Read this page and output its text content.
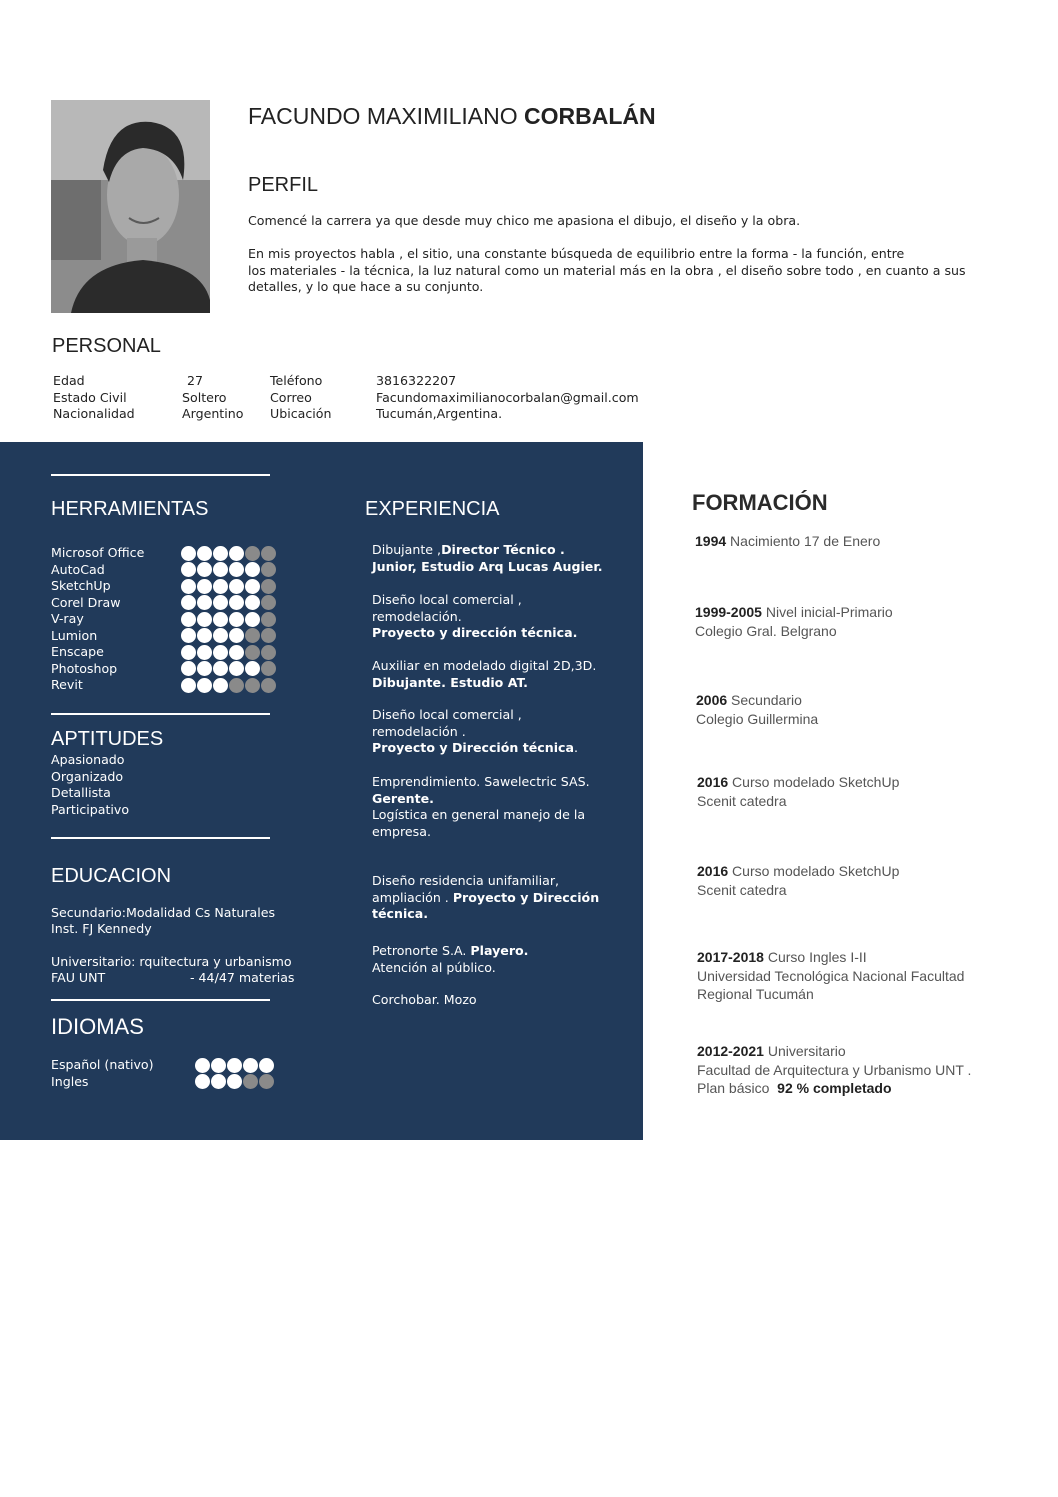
FACUNDO MAXIMILIANO CORBALÁN
PERFIL
Comencé la carrera ya que desde muy chico me apasiona el dibujo, el diseño y la obra.
En mis proyectos habla , el sitio, una constante búsqueda de equilibrio entre la forma - la función, entre
los materiales - la técnica, la luz natural como un material más en la obra , el diseño sobre todo , en cuanto a sus
detalles, y lo que hace a su conjunto.
PERSONAL
Edad
Estado Civil
Nacionalidad
27
Soltero
Argentino
Teléfono
Correo
Ubicación
3816322207
Facundomaximilianocorbalan@gmail.com
Tucumán,Argentina.
HERRAMIENTAS
Microsof Office
AutoCad
SketchUp
Corel Draw
V-ray
Lumion
Enscape
Photoshop
Revit
APTITUDES
Apasionado
Organizado
Detallista
Participativo
EDUCACION
Secundario:Modalidad Cs Naturales
Inst. FJ Kennedy
Universitario: rquitectura y urbanismo
FAU UNT	- 44/47 materias
IDIOMAS
Español (nativo)
Ingles
EXPERIENCIA
Dibujante ,Director Técnico .
Junior, Estudio Arq Lucas Augier.
Diseño local comercial ,
remodelación.
Proyecto y dirección técnica.
Auxiliar en modelado digital 2D,3D.
Dibujante. Estudio AT.
Diseño local comercial ,
remodelación .
Proyecto y Dirección técnica.
Emprendimiento. Sawelectric SAS.
Gerente.
Logística en general manejo de la
empresa.
Diseño residencia unifamiliar,
ampliación . Proyecto y Dirección
técnica.
Petronorte S.A. Playero.
Atención al público.
Corchobar. Mozo
FORMACIÓN
1994 Nacimiento 17 de Enero
1999-2005 Nivel inicial-Primario
Colegio Gral. Belgrano
2006 Secundario
Colegio Guillermina
2016 Curso modelado SketchUp
Scenit catedra
2016 Curso modelado SketchUp
Scenit catedra
2017-2018 Curso Ingles I-II
Universidad Tecnológica Nacional Facultad
Regional Tucumán
2012-2021 Universitario
Facultad de Arquitectura y Urbanismo UNT .
Plan básico 92 % completado
